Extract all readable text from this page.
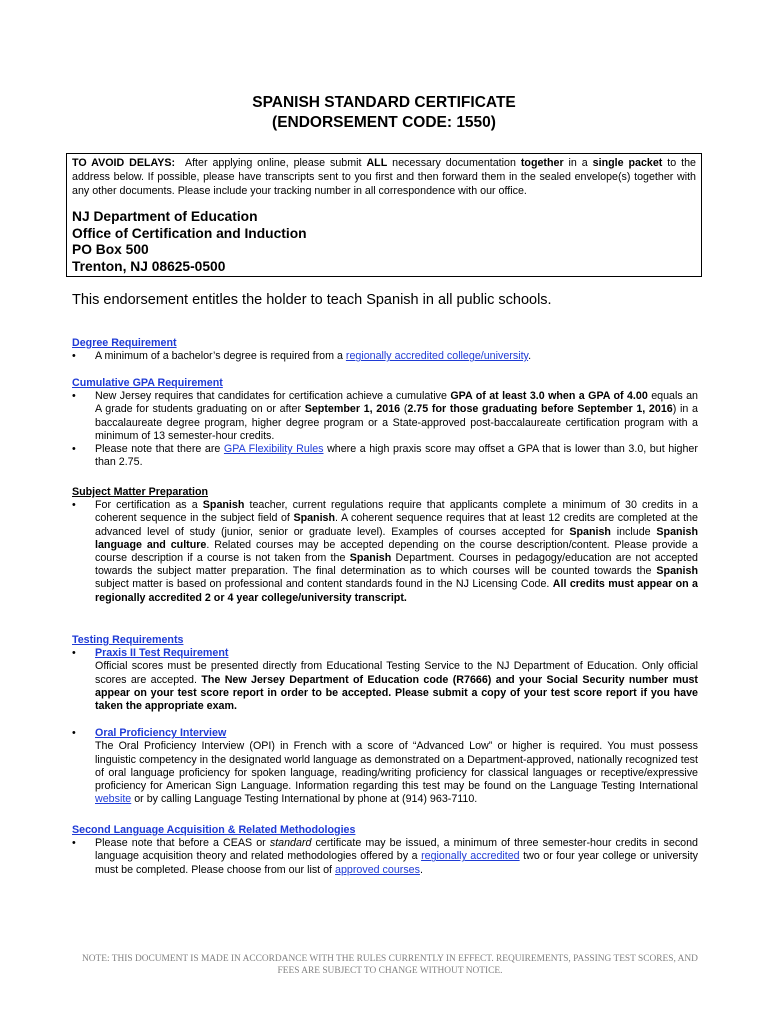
SPANISH STANDARD CERTIFICATE
(ENDORSEMENT CODE: 1550)
TO AVOID DELAYS: After applying online, please submit ALL necessary documentation together in a single packet to the address below. If possible, please have transcripts sent to you first and then forward them in the sealed envelope(s) together with any other documents. Please include your tracking number in all correspondence with our office.
NJ Department of Education
Office of Certification and Induction
PO Box 500
Trenton, NJ 08625-0500
This endorsement entitles the holder to teach Spanish in all public schools.
Degree Requirement
• A minimum of a bachelor’s degree is required from a regionally accredited college/university.
Cumulative GPA Requirement
• New Jersey requires that candidates for certification achieve a cumulative GPA of at least 3.0 when a GPA of 4.00 equals an A grade for students graduating on or after September 1, 2016 (2.75 for those graduating before September 1, 2016) in a baccalaureate degree program, higher degree program or a State-approved post-baccalaureate certification program with a minimum of 13 semester-hour credits.
• Please note that there are GPA Flexibility Rules where a high praxis score may offset a GPA that is lower than 3.0, but higher than 2.75.
Subject Matter Preparation
• For certification as a Spanish teacher, current regulations require that applicants complete a minimum of 30 credits in a coherent sequence in the subject field of Spanish. A coherent sequence requires that at least 12 credits are completed at the advanced level of study (junior, senior or graduate level). Examples of courses accepted for Spanish include Spanish language and culture. Related courses may be accepted depending on the course description/content. Please provide a course description if a course is not taken from the Spanish Department. Courses in pedagogy/education are not accepted towards the subject matter preparation. The final determination as to which courses will be counted towards the Spanish subject matter is based on professional and content standards found in the NJ Licensing Code. All credits must appear on a regionally accredited 2 or 4 year college/university transcript.
Testing Requirements
• Praxis II Test Requirement
Official scores must be presented directly from Educational Testing Service to the NJ Department of Education. Only official scores are accepted. The New Jersey Department of Education code (R7666) and your Social Security number must appear on your test score report in order to be accepted. Please submit a copy of your test score report if you have taken the appropriate exam.
• Oral Proficiency Interview
The Oral Proficiency Interview (OPI) in French with a score of “Advanced Low” or higher is required. You must possess linguistic competency in the designated world language as demonstrated on a Department-approved, nationally recognized test of oral language proficiency for spoken language, reading/writing proficiency for classical languages or receptive/expressive proficiency for American Sign Language. Information regarding this test may be found on the Language Testing International website or by calling Language Testing International by phone at (914) 963-7110.
Second Language Acquisition & Related Methodologies
• Please note that before a CEAS or standard certificate may be issued, a minimum of three semester-hour credits in second language acquisition theory and related methodologies offered by a regionally accredited two or four year college or university must be completed. Please choose from our list of approved courses.
NOTE: THIS DOCUMENT IS MADE IN ACCORDANCE WITH THE RULES CURRENTLY IN EFFECT. REQUIREMENTS, PASSING TEST SCORES, AND
FEES ARE SUBJECT TO CHANGE WITHOUT NOTICE.
